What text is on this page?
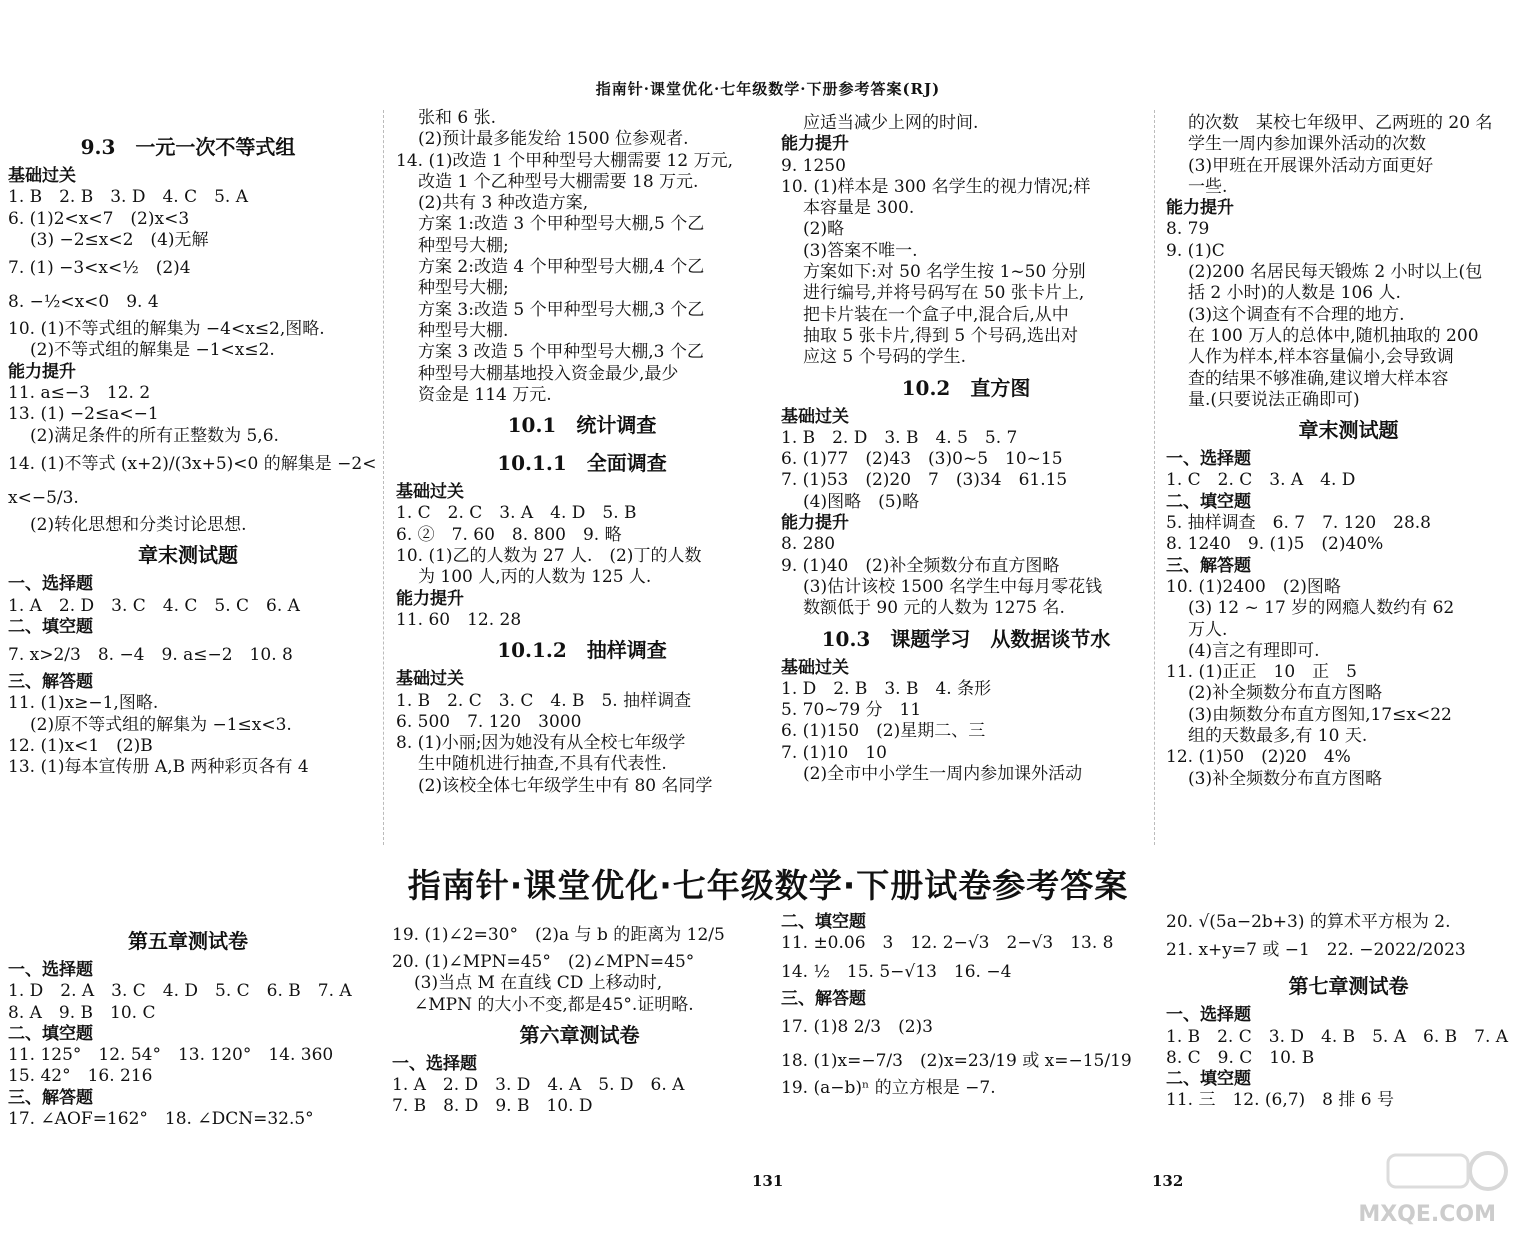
指南针·课堂优化·七年级数学·下册参考答案(RJ)
9.3　一元一次不等式组
基础过关
1. B　2. B　3. D　4. C　5. A
6. (1)2<x<7　(2)x<3
(3) −2≤x<2　(4)无解
7. (1) −3<x<½　(2)4
8. −½<x<0　9. 4
10. (1)不等式组的解集为 −4<x≤2,图略.
(2)不等式组的解集是 −1<x≤2.
能力提升
11. a≤−3　12. 2
13. (1) −2≤a<−1
(2)满足条件的所有正整数为 5,6.
14. (1)不等式 (x+2)/(3x+5)<0 的解集是 −2<
x<−5/3.
(2)转化思想和分类讨论思想.
章末测试题
一、选择题
1. A　2. D　3. C　4. C　5. C　6. A
二、填空题
7. x>2/3　8. −4　9. a≤−2　10. 8
三、解答题
11. (1)x≥−1,图略.
(2)原不等式组的解集为 −1≤x<3.
12. (1)x<1　(2)B
13. (1)每本宣传册 A,B 两种彩页各有 4
张和 6 张.
(2)预计最多能发给 1500 位参观者.
14. (1)改造 1 个甲种型号大棚需要 12 万元,
改造 1 个乙种型号大棚需要 18 万元.
(2)共有 3 种改造方案,
方案 1:改造 3 个甲种型号大棚,5 个乙
种型号大棚;
方案 2:改造 4 个甲种型号大棚,4 个乙
种型号大棚;
方案 3:改造 5 个甲种型号大棚,3 个乙
种型号大棚.
方案 3 改造 5 个甲种型号大棚,3 个乙
种型号大棚基地投入资金最少,最少
资金是 114 万元.
10.1　统计调查
10.1.1　全面调查
基础过关
1. C　2. C　3. A　4. D　5. B
6. ②　7. 60　8. 800　9. 略
10. (1)乙的人数为 27 人.　(2)丁的人数
为 100 人,丙的人数为 125 人.
能力提升
11. 60　12. 28
10.1.2　抽样调查
基础过关
1. B　2. C　3. C　4. B　5. 抽样调查
6. 500　7. 120　3000
8. (1)小丽;因为她没有从全校七年级学
生中随机进行抽查,不具有代表性.
(2)该校全体七年级学生中有 80 名同学
应适当减少上网的时间.
能力提升
9. 1250
10. (1)样本是 300 名学生的视力情况;样
本容量是 300.
(2)略
(3)答案不唯一.
方案如下:对 50 名学生按 1~50 分别
进行编号,并将号码写在 50 张卡片上,
把卡片装在一个盒子中,混合后,从中
抽取 5 张卡片,得到 5 个号码,选出对
应这 5 个号码的学生.
10.2　直方图
基础过关
1. B　2. D　3. B　4. 5　5. 7
6. (1)77　(2)43　(3)0~5　10~15
7. (1)53　(2)20　7　(3)34　61.15
(4)图略　(5)略
能力提升
8. 280
9. (1)40　(2)补全频数分布直方图略
(3)估计该校 1500 名学生中每月零花钱
数额低于 90 元的人数为 1275 名.
10.3　课题学习　从数据谈节水
基础过关
1. D　2. B　3. B　4. 条形
5. 70~79 分　11
6. (1)150　(2)星期二、三
7. (1)10　10
(2)全市中小学生一周内参加课外活动
的次数　某校七年级甲、乙两班的 20 名
学生一周内参加课外活动的次数
(3)甲班在开展课外活动方面更好
一些.
能力提升
8. 79
9. (1)C
(2)200 名居民每天锻炼 2 小时以上(包
括 2 小时)的人数是 106 人.
(3)这个调查有不合理的地方.
在 100 万人的总体中,随机抽取的 200
人作为样本,样本容量偏小,会导致调
查的结果不够准确,建议增大样本容
量.(只要说法正确即可)
章末测试题
一、选择题
1. C　2. C　3. A　4. D
二、填空题
5. 抽样调查　6. 7　7. 120　28.8
8. 1240　9. (1)5　(2)40%
三、解答题
10. (1)2400　(2)图略
(3) 12 ~ 17 岁的网瘾人数约有 62
万人.
(4)言之有理即可.
11. (1)正正　10　正　5
(2)补全频数分布直方图略
(3)由频数分布直方图知,17≤x<22
组的天数最多,有 10 天.
12. (1)50　(2)20　4%
(3)补全频数分布直方图略
指南针·课堂优化·七年级数学·下册试卷参考答案
第五章测试卷
一、选择题
1. D　2. A　3. C　4. D　5. C　6. B　7. A
8. A　9. B　10. C
二、填空题
11. 125°　12. 54°　13. 120°　14. 360
15. 42°　16. 216
三、解答题
17. ∠AOF=162°　18. ∠DCN=32.5°
19. (1)∠2=30°　(2)a 与 b 的距离为 12/5
20. (1)∠MPN=45°　(2)∠MPN=45°
(3)当点 M 在直线 CD 上移动时,
∠MPN 的大小不变,都是45°.证明略.
第六章测试卷
一、选择题
1. A　2. D　3. D　4. A　5. D　6. A
7. B　8. D　9. B　10. D
二、填空题
11. ±0.06　3　12. 2−√3　2−√3　13. 8
14. ½　15. 5−√13　16. −4
三、解答题
17. (1)8 2/3　(2)3
18. (1)x=−7/3　(2)x=23/19 或 x=−15/19
19. (a−b)ⁿ 的立方根是 −7.
20. √(5a−2b+3) 的算术平方根为 2.
21. x+y=7 或 −1　22. −2022/2023
第七章测试卷
一、选择题
1. B　2. C　3. D　4. B　5. A　6. B　7. A
8. C　9. C　10. B
二、填空题
11. 三　12. (6,7)　8 排 6 号
131	132
MXQE.COM
